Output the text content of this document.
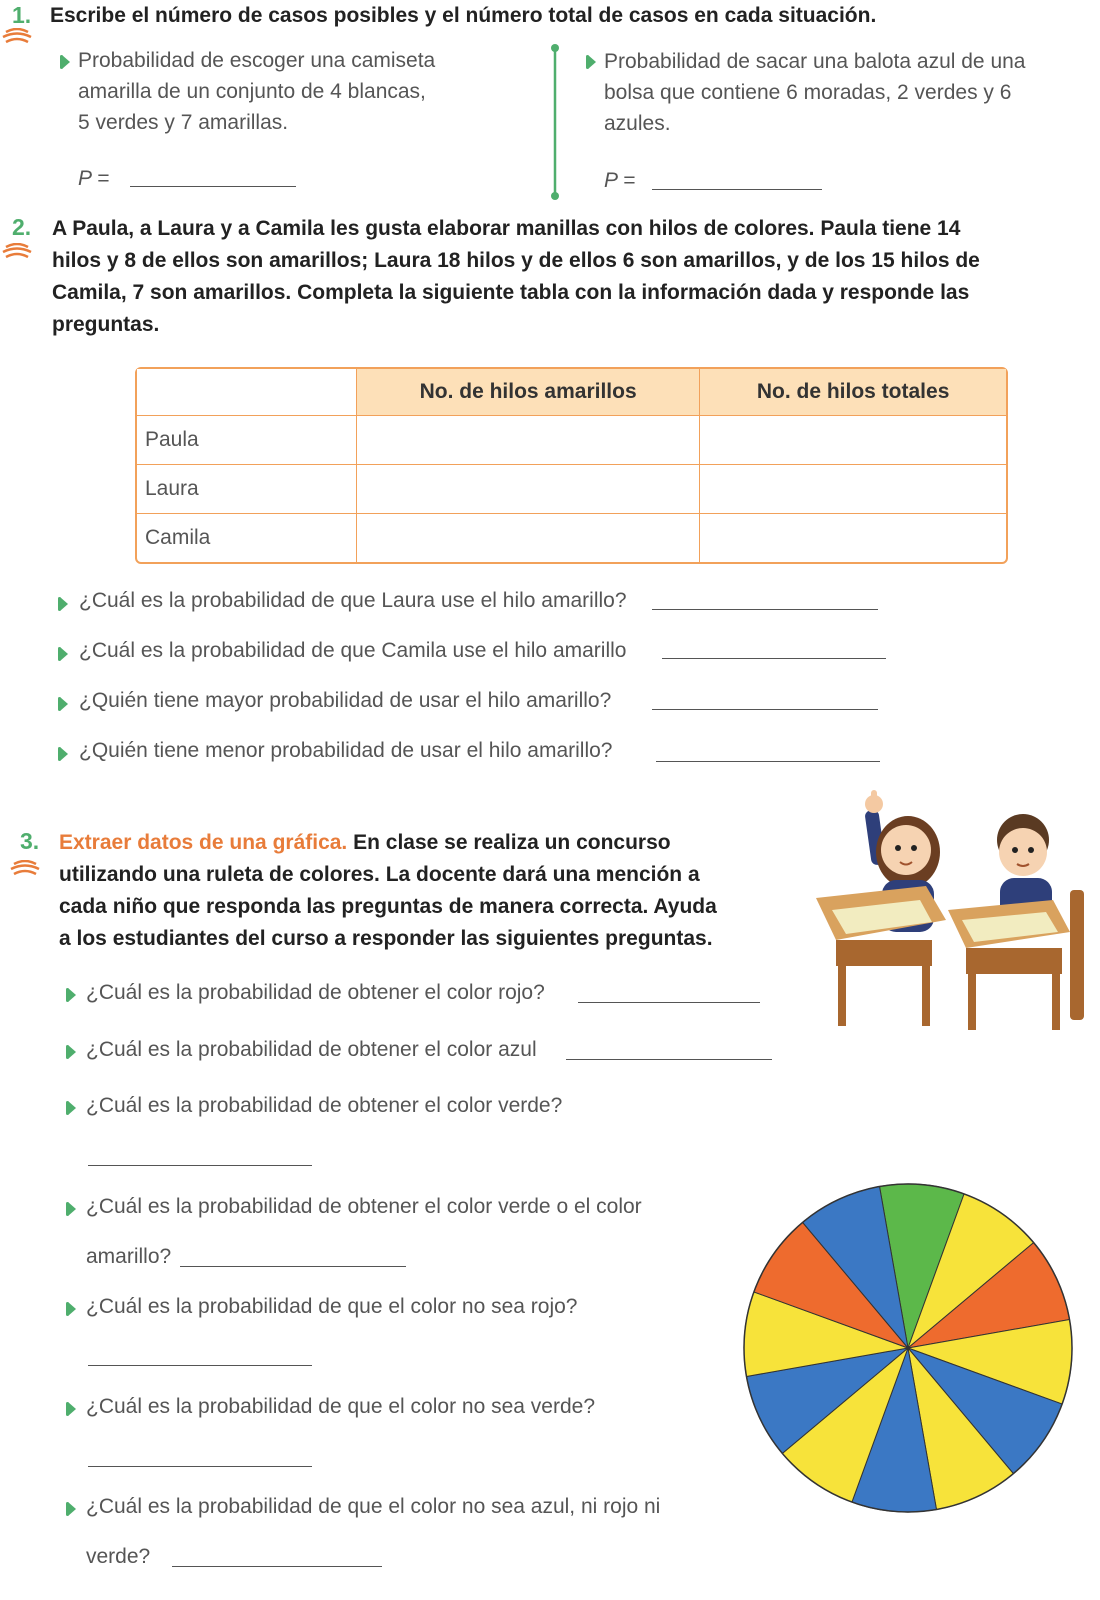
1. Escribe el número de casos posibles y el número total de casos en cada situación.
Probabilidad de escoger una camiseta
amarilla de un conjunto de 4 blancas,
5 verdes y 7 amarillas.
P =
Probabilidad de sacar una balota azul de una
bolsa que contiene 6 moradas, 2 verdes y 6
azules.
P =
2. A Paula, a Laura y a Camila les gusta elaborar manillas con hilos de colores. Paula tiene 14
hilos y 8 de ellos son amarillos; Laura 18 hilos y de ellos 6 son amarillos, y de los 15 hilos de
Camila, 7 son amarillos. Completa la siguiente tabla con la información dada y responde las
preguntas.
	No. de hilos amarillos	No. de hilos totales
Paula		
Laura		
Camila		
¿Cuál es la probabilidad de que Laura use el hilo amarillo?
¿Cuál es la probabilidad de que Camila use el hilo amarillo
¿Quién tiene mayor probabilidad de usar el hilo amarillo?
¿Quién tiene menor probabilidad de usar el hilo amarillo?
3. Extraer datos de una gráfica. En clase se realiza un concurso
utilizando una ruleta de colores. La docente dará una mención a
cada niño que responda las preguntas de manera correcta. Ayuda
a los estudiantes del curso a responder las siguientes preguntas.
¿Cuál es la probabilidad de obtener el color rojo?
¿Cuál es la probabilidad de obtener el color azul
¿Cuál es la probabilidad de obtener el color verde?
¿Cuál es la probabilidad de obtener el color verde o el color
amarillo?
¿Cuál es la probabilidad de que el color no sea rojo?
¿Cuál es la probabilidad de que el color no sea verde?
¿Cuál es la probabilidad de que el color no sea azul, ni rojo ni
verde?
